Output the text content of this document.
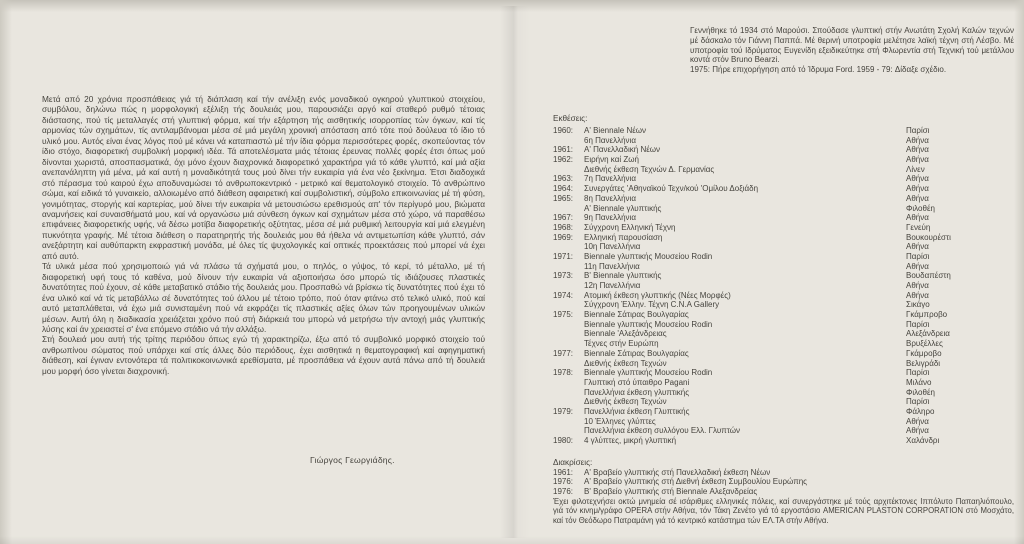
Μετά από 20 χρόνια προσπάθειας γιά τή διάπλαση καί τήν ανέλιξη ενός μοναδικού ογκηρού γλυπτικού στοιχείου, συμβόλου, δηλώνω πώς η μορφολογική εξέλιξη τής δουλειάς μου, παρουσιάζει αργό καί σταθερό ρυθμό τέτοιας διάστασης, πού τίς μεταλλαγές στή γλυπτική φόρμα, καί τήν εξάρτηση τής αισθητικής ισορροπίας τών όγκων, καί τίς αρμονίας τών σχημάτων, τίς αντιλαμβάνομαι μέσα σέ μιά μεγάλη χρονική απόσταση από τότε πού δούλευα τό ίδιο τό υλικό μου. Αυτός είναι ένας λόγος πού μέ κάνει νά καταπιαστώ μέ τήν ίδια φόρμα περισσότερες φορές, σκοπεύοντας τόν ίδιο στόχο, διαφορετική συμβολική μορφική ιδέα. Τά αποτελέσματα μιάς τέτοιας έρευνας πολλές φορές έτσι όπως μού δίνονται χωριστά, αποσπασματικά, όχι μόνο έχουν διαχρονικά διαφορετικό χαρακτήρα γιά τό κάθε γλυπτό, καί μιά αξία ανεπανάληπτη γιά μένα, μά καί αυτή η μοναδικότητά τους μού δίνει τήν ευκαιρία γιά ένα νέο ξεκίνημα. Έτσι διαδοχικά στό πέρασμα τού καιρού έχω αποδυναμώσει τό ανθρωποκεντρικό - μετρικό καί θεματολογικό στοιχείο. Τό ανθρώπινο σώμα, καί ειδικά τό γυναικείο, αλλοιωμένο από διάθεση αφαιρετική καί συμβολιστική, σύμβολο επικοινωνίας μέ τή φύση, γονιμότητας, στοργής καί καρτερίας, μού δίνει τήν ευκαιρία νά μετουσιώσω ερεθισμούς απ' τόν περίγυρό μου, βιώματα αναμνήσεις καί συναισθήματά μου, καί νά οργανώσω μιά σύνθεση όγκων καί σχημάτων μέσα στό χώρο, νά παραθέσω επιφάνειες διαφορετικής υφής, νά δέσω μοτίβα διαφορετικής οξύτητας, μέσα σέ μιά ρυθμική λειτουργία καί μιά ελεγμένη πυκνότητα γραφής. Μέ τέτοια διάθεση ο παρατηρητής τής δουλειάς μου θά ήθελα νά αντιμετωπίση κάθε γλυπτό, σάν ανεξάρτητη καί αυθύπαρκτη εκφραστική μονάδα, μέ όλες τίς ψυχολογικές καί οπτικές προεκτάσεις πού μπορεί νά έχει από αυτό.

Τά υλικά μέσα πού χρησιμοποιώ γιά νά πλάσω τά σχήματά μου, ο πηλός, ο γύψος, τό κερί, τό μέταλλο, μέ τή διαφορετική υφή τους τό καθένα, μού δίνουν τήν ευκαιρία νά αξιοποιήσω όσο μπορώ τίς ιδιάζουσες πλαστικές δυνατότητες πού έχουν, σέ κάθε μεταβατικό στάδιο τής δουλειάς μου. Προσπαθώ νά βρίσκω τίς δυνατότητες πού έχει τό ένα υλικό καί νά τίς μεταβάλλω σέ δυνατότητες τού άλλου μέ τέτοιο τρόπο, πού όταν φτάνω στό τελικό υλικό, πού καί αυτό μεταπλάθεται, νά έχω μιά συνισταμένη πού νά εκφράζει τίς πλαστικές αξίες όλων τών προηγουμένων υλικών μέσων. Αυτή όλη η διαδικασία χρειάζεται χρόνο πού στή διάρκειά του μπορώ νά μετρήσω τήν αντοχή μιάς γλυπτικής λύσης καί άν χρειαστεί σ' ένα επόμενο στάδιο νά τήν αλλάξω.

Στή δουλειά μου αυτή τής τρίτης περιόδου όπως εγώ τή χαρακτηρίζω, έξω από τό συμβολικό μορφικό στοιχείο τού ανθρωπίνου σώματος πού υπάρχει καί στίς άλλες δύο περιόδους, έχει αισθητικά η θεματογραφική καί αφηγηματική διάθεση, καί έγιναν εντονότερα τά πολιτικοκοινωνικά ερεθίσματα, μέ προσπάθεια νά έχουν αυτά πάνω από τή δουλειά μου μορφή όσο γίνεται διαχρονική.

Γιώργος Γεωργιάδης.

Γεννήθηκε τό 1934 στό Μαρούσι. Σπούδασε γλυπτική στήν Ανωτάτη Σχολή Καλών τεχνών μέ δάσκαλο τόν Γιάννη Παππά. Μέ θερινή υποτροφία μελέτησε λαϊκή τέχνη στή Λέσβο. Μέ υποτροφία τού Ιδρύματος Ευγενίδη εξειδικεύτηκε στή Φλωρεντία στή Τεχνική τού μετάλλου κοντά στόν Bruno Bearzi.

1975: Πήρε επιχορήγηση από τό Ίδρυμα Ford. 1959 - 79: Δίδαξε σχέδιο.

Εκθέσεις:
1960:	Α' Biennale Νέων	Παρίσι
6η Πανελλήνια	Αθήνα
1961:	Α' Πανελλαδική Νέων	Αθήνα
1962:	Ειρήνη καί Ζωή	Αθήνα
Διεθνής έκθεση Τεχνών Δ. Γερμανίας	Λίνεν
1963:	7η Πανελλήνια	Αθήνα
1964:	Συνεργάτες 'Αθηναϊκού Τεχν/κού 'Ομίλου Δοξιάδη	Αθήνα
1965:	8η Πανελλήνια	Αθήνα
Α' Biennale γλυπτικής	Φιλοθέη
1967:	9η Πανελλήνια	Αθήνα
1968:	Σύγχρονη Ελληνική Τέχνη	Γενεύη
1969:	Ελληνική παρουσίαση	Βουκουρέστι
10η Πανελλήνια	Αθήνα
1971:	Biennale γλυπτικής Μουσείου Rodin	Παρίσι
11η Πανελλήνια	Αθήνα
1973:	Β' Biennale γλυπτικής	Βουδαπέστη
12η Πανελλήνια	Αθήνα
1974:	Ατομική έκθεση γλυπτικής (Νέες Μορφές)	Αθήνα
Σύγχρονη Έλλην. Τέχνη C.N.A Gallery	Σικάγο
1975:	Biennale Σάτιρας Βουλγαρίας	Γκάμπροβο
Biennale γλυπτικής Μουσείου Rodin	Παρίσι
Biennale 'Αλεξάνδρειας	Αλεξάνδρεια
Τέχνες στήν Ευρώπη	Βρυξέλλες
1977:	Biennale Σάτιρας Βουλγαρίας	Γκάμροβο
Διεθνής έκθεση Τεχνών	Βελιγράδι
1978:	Biennale γλυπτικής Μουσείου Rodin	Παρίσι
Γλυπτική στό ύπαιθρο Pagani	Μιλάνο
Πανελλήνια έκθεση γλυπτικής	Φιλοθέη
Διεθνής έκθεση Τεχνών	Παρίσι
1979:	Πανελλήνια έκθεση Γλυπτικής	Φάληρο
10 Έλληνες γλύπτες	Αθήνα
Πανελλήνια έκθεση συλλόγου Ελλ. Γλυπτών	Αθήνα
1980:	4 γλύπτες, μικρή γλυπτική	Χαλάνδρι
Διακρίσεις:
1961:	Α' Βραβείο γλυπτικής στή Πανελλαδική έκθεση Νέων
1976:	Α' Βραβείο γλυπτικής στή Διεθνή έκθεση Συμβουλίου Ευρώπης
1976:	Β' Βραβείο γλυπτικής στή Biennale Αλεξανδρείας

Έχει φιλοτεχνήσει οκτώ μνημεία σέ ισάριθμες ελληνικές πόλεις, καί συνεργάστηκε μέ τούς αρχιτέκτονες Ιππόλυτο Παπαηλιόπουλο, γιά τόν κινημ/γράφο OPERA στήν Αθήνα, τόν Τάκη Ζενέτο γιά τό εργοστάσιο AMERICAN PLASTON CORPORATION στό Μοσχάτο, καί τόν Θεόδωρο Πατραμάνη γιά τό κεντρικό κατάστημα τών ΕΛ.ΤΑ στήν Αθήνα.
